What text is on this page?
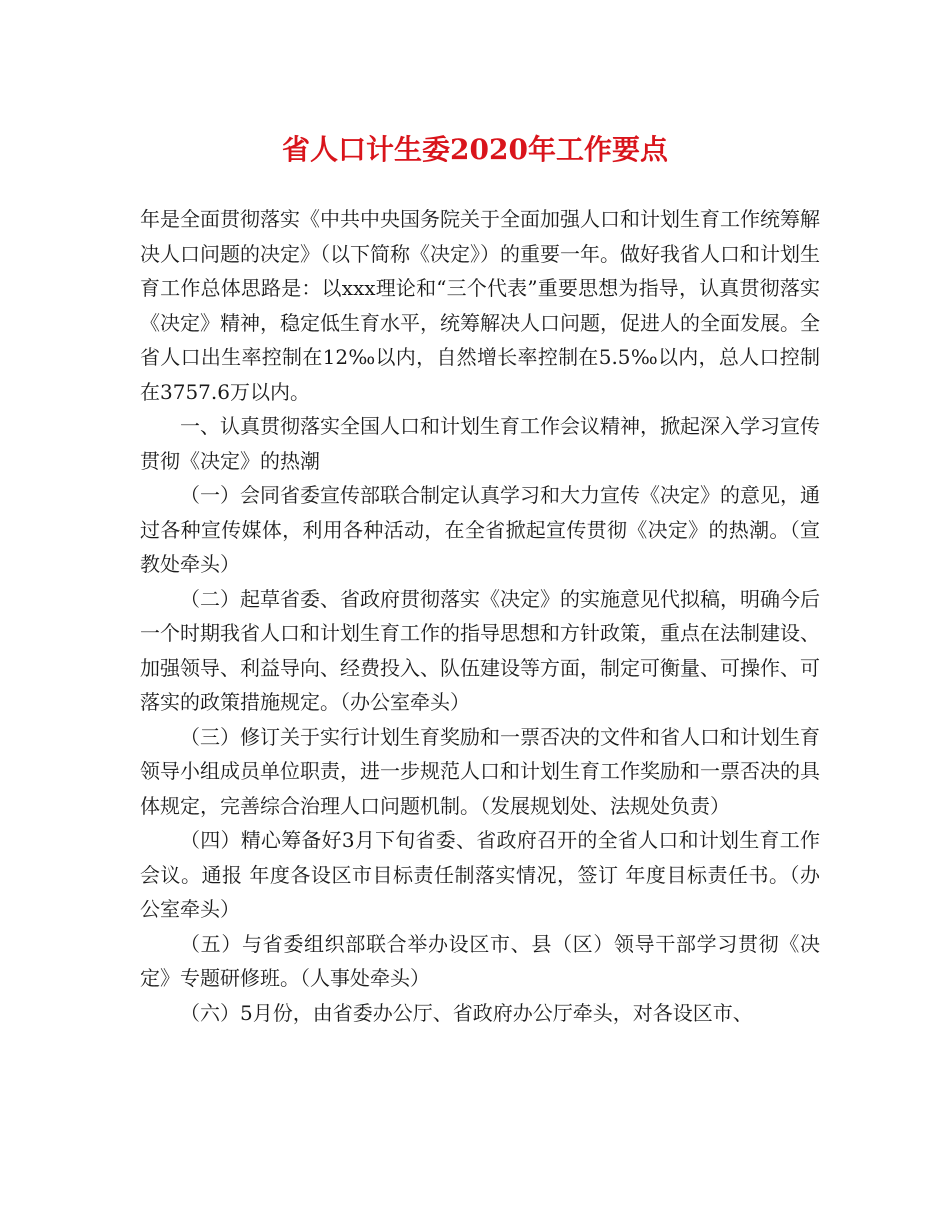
省人口计生委2020年工作要点

年是全面贯彻落实《中共中央国务院关于全面加强人口和计划生育工作统筹解决人口问题的决定》（以下简称《决定》）的重要一年。做好我省人口和计划生育工作总体思路是：以xxx理论和“三个代表”重要思想为指导，认真贯彻落实《决定》精神，稳定低生育水平，统筹解决人口问题，促进人的全面发展。全省人口出生率控制在12‰以内，自然增长率控制在5.5‰以内，总人口控制在3757.6万以内。

一、认真贯彻落实全国人口和计划生育工作会议精神，掀起深入学习宣传贯彻《决定》的热潮

（一）会同省委宣传部联合制定认真学习和大力宣传《决定》的意见，通过各种宣传媒体，利用各种活动，在全省掀起宣传贯彻《决定》的热潮。（宣教处牵头）

（二）起草省委、省政府贯彻落实《决定》的实施意见代拟稿，明确今后一个时期我省人口和计划生育工作的指导思想和方针政策，重点在法制建设、加强领导、利益导向、经费投入、队伍建设等方面，制定可衡量、可操作、可落实的政策措施规定。（办公室牵头）

（三）修订关于实行计划生育奖励和一票否决的文件和省人口和计划生育领导小组成员单位职责，进一步规范人口和计划生育工作奖励和一票否决的具体规定，完善综合治理人口问题机制。（发展规划处、法规处负责）

（四）精心筹备好3月下旬省委、省政府召开的全省人口和计划生育工作会议。通报 年度各设区市目标责任制落实情况，签订 年度目标责任书。（办公室牵头）

（五）与省委组织部联合举办设区市、县（区）领导干部学习贯彻《决定》专题研修班。（人事处牵头）

（六）5月份，由省委办公厅、省政府办公厅牵头，对各设区市、
